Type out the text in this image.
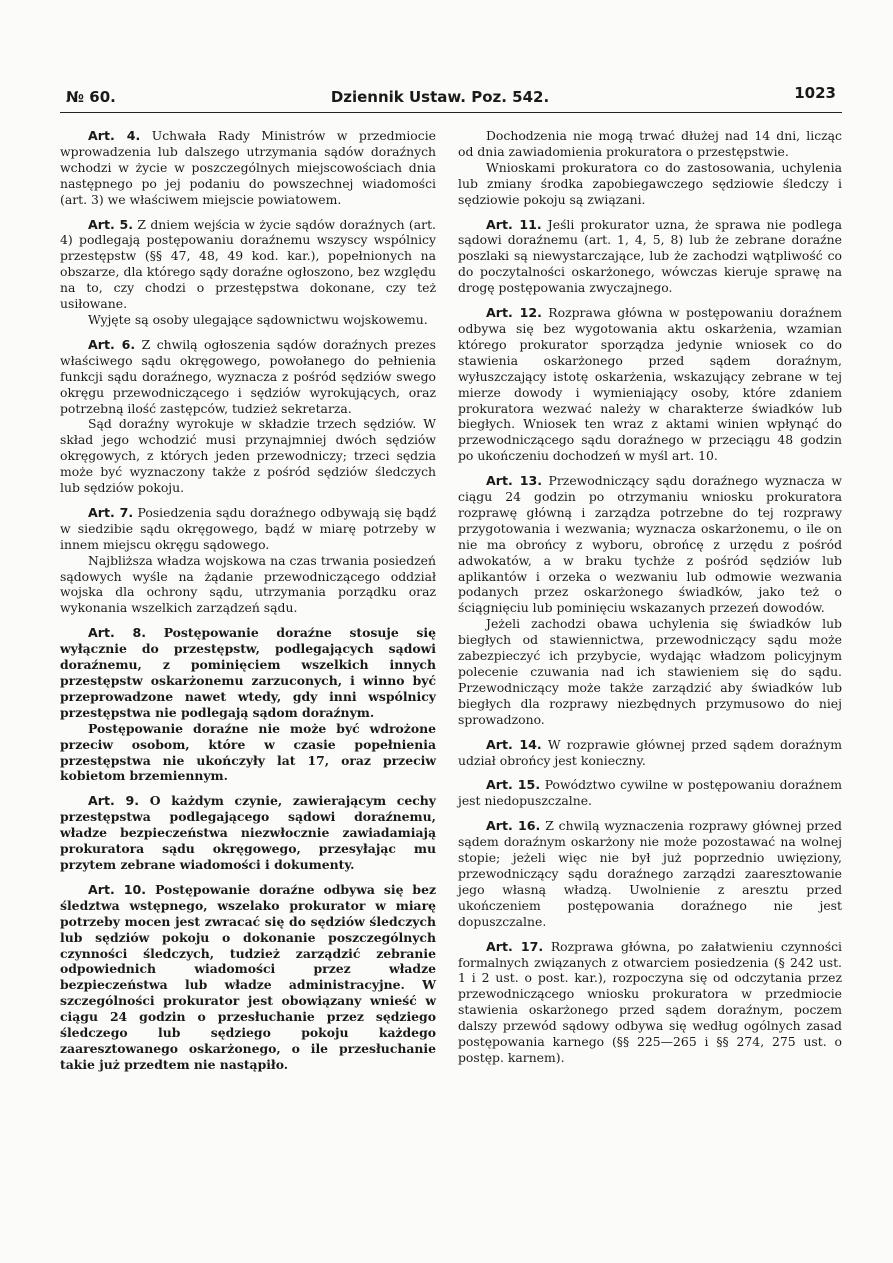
№ 60.	Dziennik Ustaw. Poz. 542.	1023

Art. 4. Uchwała Rady Ministrów w przedmiocie wprowadzenia lub dalszego utrzymania sądów doraźnych wchodzi w życie w poszczególnych miejscowościach dnia następnego po jej podaniu do powszechnej wiadomości (art. 3) we właściwem miejscie powiatowem.

Art. 5. Z dniem wejścia w życie sądów doraźnych (art. 4) podlegają postępowaniu doraźnemu wszyscy wspólnicy przestępstw (§§ 47, 48, 49 kod. kar.), popełnionych na obszarze, dla którego sądy doraźne ogłoszono, bez względu na to, czy chodzi o przestępstwa dokonane, czy też usiłowane.

Wyjęte są osoby ulegające sądownictwu wojskowemu.

Art. 6. Z chwilą ogłoszenia sądów doraźnych prezes właściwego sądu okręgowego, powołanego do pełnienia funkcji sądu doraźnego, wyznacza z pośród sędziów swego okręgu przewodniczącego i sędziów wyrokujących, oraz potrzebną ilość zastępców, tudzież sekretarza.

Sąd doraźny wyrokuje w składzie trzech sędziów. W skład jego wchodzić musi przynajmniej dwóch sędziów okręgowych, z których jeden przewodniczy; trzeci sędzia może być wyznaczony także z pośród sędziów śledczych lub sędziów pokoju.

Art. 7. Posiedzenia sądu doraźnego odbywają się bądź w siedzibie sądu okręgowego, bądź w miarę potrzeby w innem miejscu okręgu sądowego.

Najbliższa władza wojskowa na czas trwania posiedzeń sądowych wyśle na żądanie przewodniczącego oddział wojska dla ochrony sądu, utrzymania porządku oraz wykonania wszelkich zarządzeń sądu.

Art. 8. Postępowanie doraźne stosuje się wyłącznie do przestępstw, podlegających sądowi doraźnemu, z pominięciem wszelkich innych przestępstw oskarżonemu zarzuconych, i winno być przeprowadzone nawet wtedy, gdy inni wspólnicy przestępstwa nie podlegają sądom doraźnym.

Postępowanie doraźne nie może być wdrożone przeciw osobom, które w czasie popełnienia przestępstwa nie ukończyły lat 17, oraz przeciw kobietom brzemiennym.

Art. 9. O każdym czynie, zawierającym cechy przestępstwa podlegającego sądowi doraźnemu, władze bezpieczeństwa niezwłocznie zawiadamiają prokuratora sądu okręgowego, przesyłając mu przytem zebrane wiadomości i dokumenty.

Art. 10. Postępowanie doraźne odbywa się bez śledztwa wstępnego, wszelako prokurator w miarę potrzeby mocen jest zwracać się do sędziów śledczych lub sędziów pokoju o dokonanie poszczególnych czynności śledczych, tudzież zarządzić zebranie odpowiednich wiadomości przez władze bezpieczeństwa lub władze administracyjne. W szczególności prokurator jest obowiązany wnieść w ciągu 24 godzin o przesłuchanie przez sędziego śledczego lub sędziego pokoju każdego zaaresztowanego oskarżonego, o ile przesłuchanie takie już przedtem nie nastąpiło.

Dochodzenia nie mogą trwać dłużej nad 14 dni, licząc od dnia zawiadomienia prokuratora o przestępstwie.

Wnioskami prokuratora co do zastosowania, uchylenia lub zmiany środka zapobiegawczego sędziowie śledczy i sędziowie pokoju są związani.

Art. 11. Jeśli prokurator uzna, że sprawa nie podlega sądowi doraźnemu (art. 1, 4, 5, 8) lub że zebrane doraźne poszlaki są niewystarczające, lub że zachodzi wątpliwość co do poczytalności oskarżonego, wówczas kieruje sprawę na drogę postępowania zwyczajnego.

Art. 12. Rozprawa główna w postępowaniu doraźnem odbywa się bez wygotowania aktu oskarżenia, wzamian którego prokurator sporządza jedynie wniosek co do stawienia oskarżonego przed sądem doraźnym, wyłuszczający istotę oskarżenia, wskazujący zebrane w tej mierze dowody i wymieniający osoby, które zdaniem prokuratora wezwać należy w charakterze świadków lub biegłych. Wniosek ten wraz z aktami winien wpłynąć do przewodniczącego sądu doraźnego w przeciągu 48 godzin po ukończeniu dochodzeń w myśl art. 10.

Art. 13. Przewodniczący sądu doraźnego wyznacza w ciągu 24 godzin po otrzymaniu wniosku prokuratora rozprawę główną i zarządza potrzebne do tej rozprawy przygotowania i wezwania; wyznacza oskarżonemu, o ile on nie ma obrońcy z wyboru, obrońcę z urzędu z pośród adwokatów, a w braku tychże z pośród sędziów lub aplikantów i orzeka o wezwaniu lub odmowie wezwania podanych przez oskarżonego świadków, jako też o ściągnięciu lub pominięciu wskazanych przezeń dowodów.

Jeżeli zachodzi obawa uchylenia się świadków lub biegłych od stawiennictwa, przewodniczący sądu może zabezpieczyć ich przybycie, wydając władzom policyjnym polecenie czuwania nad ich stawieniem się do sądu. Przewodniczący może także zarządzić aby świadków lub biegłych dla rozprawy niezbędnych przymusowo do niej sprowadzono.

Art. 14. W rozprawie głównej przed sądem doraźnym udział obrońcy jest konieczny.

Art. 15. Powództwo cywilne w postępowaniu doraźnem jest niedopuszczalne.

Art. 16. Z chwilą wyznaczenia rozprawy głównej przed sądem doraźnym oskarżony nie może pozostawać na wolnej stopie; jeżeli więc nie był już poprzednio uwięziony, przewodniczący sądu doraźnego zarządzi zaaresztowanie jego własną władzą. Uwolnienie z aresztu przed ukończeniem postępowania doraźnego nie jest dopuszczalne.

Art. 17. Rozprawa główna, po załatwieniu czynności formalnych związanych z otwarciem posiedzenia (§ 242 ust. 1 i 2 ust. o post. kar.), rozpoczyna się od odczytania przez przewodniczącego wniosku prokuratora w przedmiocie stawienia oskarżonego przed sądem doraźnym, poczem dalszy przewód sądowy odbywa się według ogólnych zasad postępowania karnego (§§ 225—265 i §§ 274, 275 ust. o postęp. karnem).
